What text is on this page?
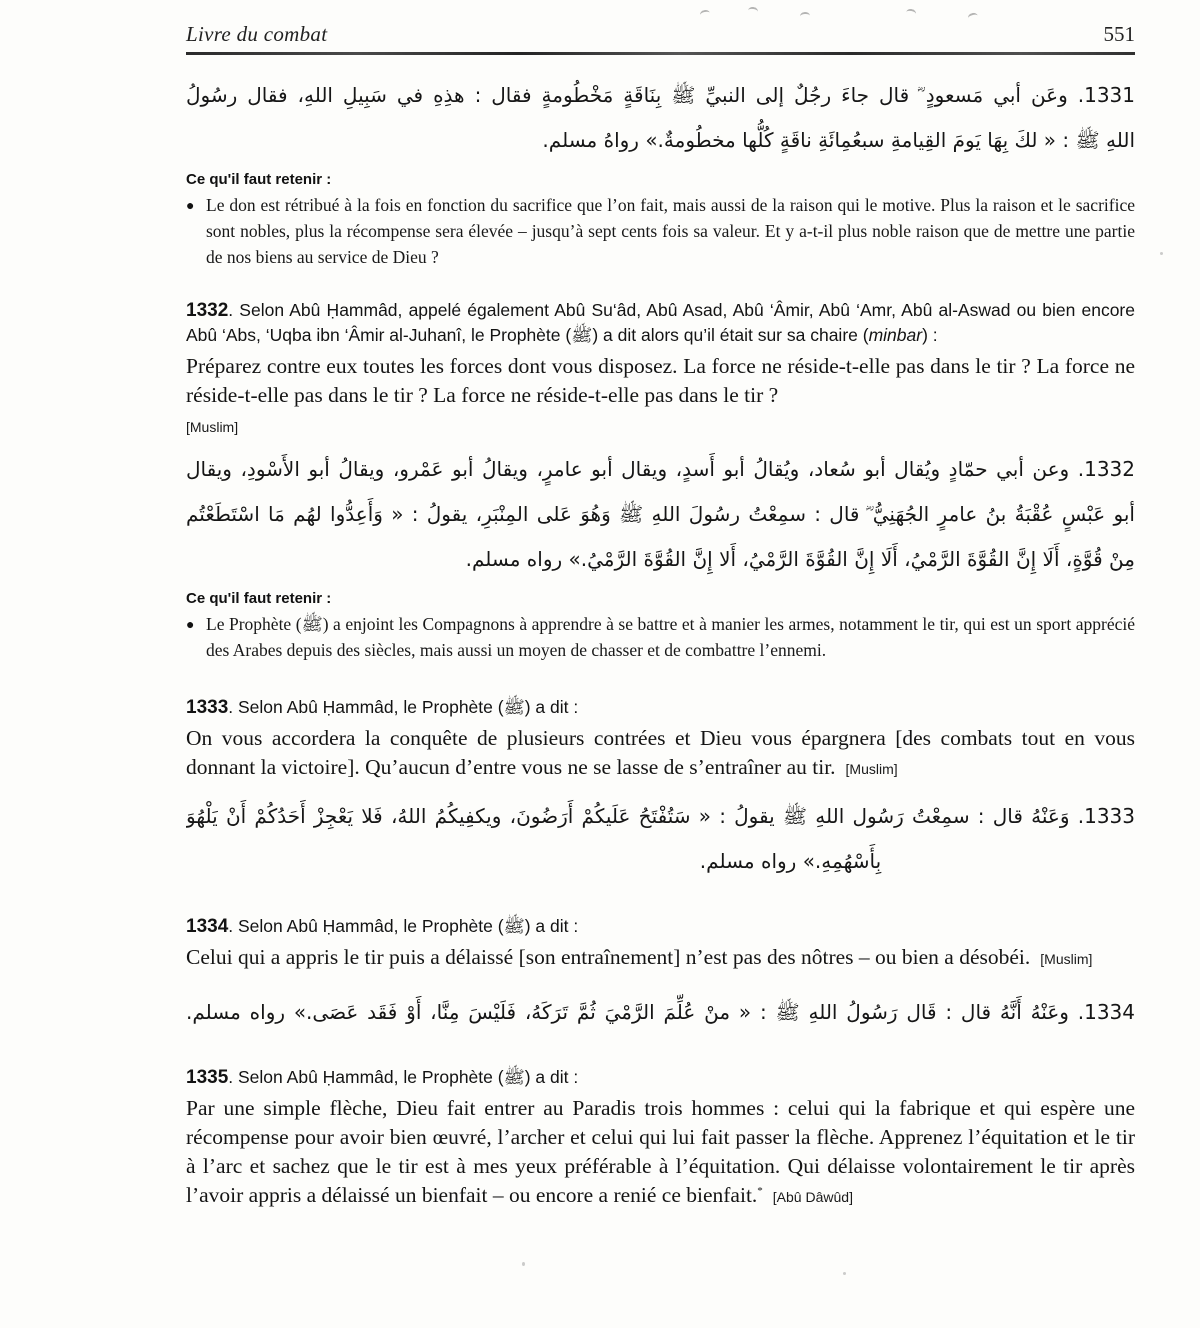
Livre du combat	551
1331. وعَن أبي مَسعودٍ ؓ قال جاءَ رجُلٌ إلى النبيِّ ﷺ بِنَاقَةٍ مَخْطُومةٍ فقال : هذِهِ في سَبِيلِ اللهِ، فقال رسُولُ
اللهِ ﷺ : « لكَ بِهَا يَومَ القِيامةِ سبعُمِائَةِ ناقَةٍ كُلُّها مخطُومةٌ.» رواهُ مسلم.
Ce qu'il faut retenir :
● Le don est rétribué à la fois en fonction du sacrifice que l’on fait, mais aussi de la raison qui le motive. Plus la raison et le sacrifice sont nobles, plus la récompense sera élevée – jusqu’à sept cents fois sa valeur. Et y a-t-il plus noble raison que de mettre une partie de nos biens au service de Dieu ?
1332. Selon Abû Ḥammâd, appelé également Abû Su‘âd, Abû Asad, Abû ‘Âmir, Abû ‘Amr, Abû al-Aswad ou bien encore Abû ‘Abs, ‘Uqba ibn ‘Âmir al-Juhanî, le Prophète (ﷺ) a dit alors qu’il était sur sa chaire (minbar) :
Préparez contre eux toutes les forces dont vous disposez. La force ne réside-t-elle pas dans le tir ? La force ne réside-t-elle pas dans le tir ? La force ne réside-t-elle pas dans le tir ?
[Muslim]
1332. وعن أبي حمّادٍ ويُقال أبو سُعاد، ويُقالُ أبو أَسدٍ، ويقال أبو عامرٍ، ويقالُ أبو عَمْرو، ويقالُ أبو الأَسْودِ، ويقال
أبو عَبْسٍ عُقْبَةُ بنُ عامرٍ الجُهَنِيُّ ؓ قال : سمِعْتُ رسُولَ اللهِ ﷺ وَهُوَ عَلى المِنْبَرِ، يقولُ : « وَأَعِدُّوا لهُم مَا اسْتَطَعْتُم
مِنْ قُوَّةٍ، أَلَا إِنَّ القُوَّةَ الرَّمْيُ، أَلَا إِنَّ القُوَّةَ الرَّمْيُ، أَلا إِنَّ القُوَّةَ الرَّمْيُ.» رواه مسلم.
Ce qu'il faut retenir :
● Le Prophète (ﷺ) a enjoint les Compagnons à apprendre à se battre et à manier les armes, notamment le tir, qui est un sport apprécié des Arabes depuis des siècles, mais aussi un moyen de chasser et de combattre l’ennemi.
1333. Selon Abû Ḥammâd, le Prophète (ﷺ) a dit :
On vous accordera la conquête de plusieurs contrées et Dieu vous épargnera [des combats tout en vous donnant la victoire]. Qu’aucun d’entre vous ne se lasse de s’entraîner au tir. [Muslim]
1333. وَعَنْهُ قال : سمِعْتُ رَسُول اللهِ ﷺ يقولُ : « سَتُفْتَحُ عَلَيكُمْ أَرَضُونَ، ويكفِيكُمُ اللهُ، فَلا يَعْجِزْ أَحَدُكُمْ أَنْ يَلْهُوَ
بِأَسْهُمِهِ.» رواه مسلم.
1334. Selon Abû Ḥammâd, le Prophète (ﷺ) a dit :
Celui qui a appris le tir puis a délaissé [son entraînement] n’est pas des nôtres – ou bien a désobéi. [Muslim]
1334. وعَنْهُ أَنَّهُ قال : قَال رَسُولُ اللهِ ﷺ : « منْ عُلِّمَ الرَّمْيَ ثُمَّ تَرَكَهُ، فَلَيْسَ مِنَّا، أَوْ فَقَد عَصَى.» رواه مسلم.
1335. Selon Abû Ḥammâd, le Prophète (ﷺ) a dit :
Par une simple flèche, Dieu fait entrer au Paradis trois hommes : celui qui la fabrique et qui espère une récompense pour avoir bien œuvré, l’archer et celui qui lui fait passer la flèche. Apprenez l’équitation et le tir à l’arc et sachez que le tir est à mes yeux préférable à l’équitation. Qui délaisse volontairement le tir après l’avoir appris a délaissé un bienfait – ou encore a renié ce bienfait.* [Abû Dâwûd]
